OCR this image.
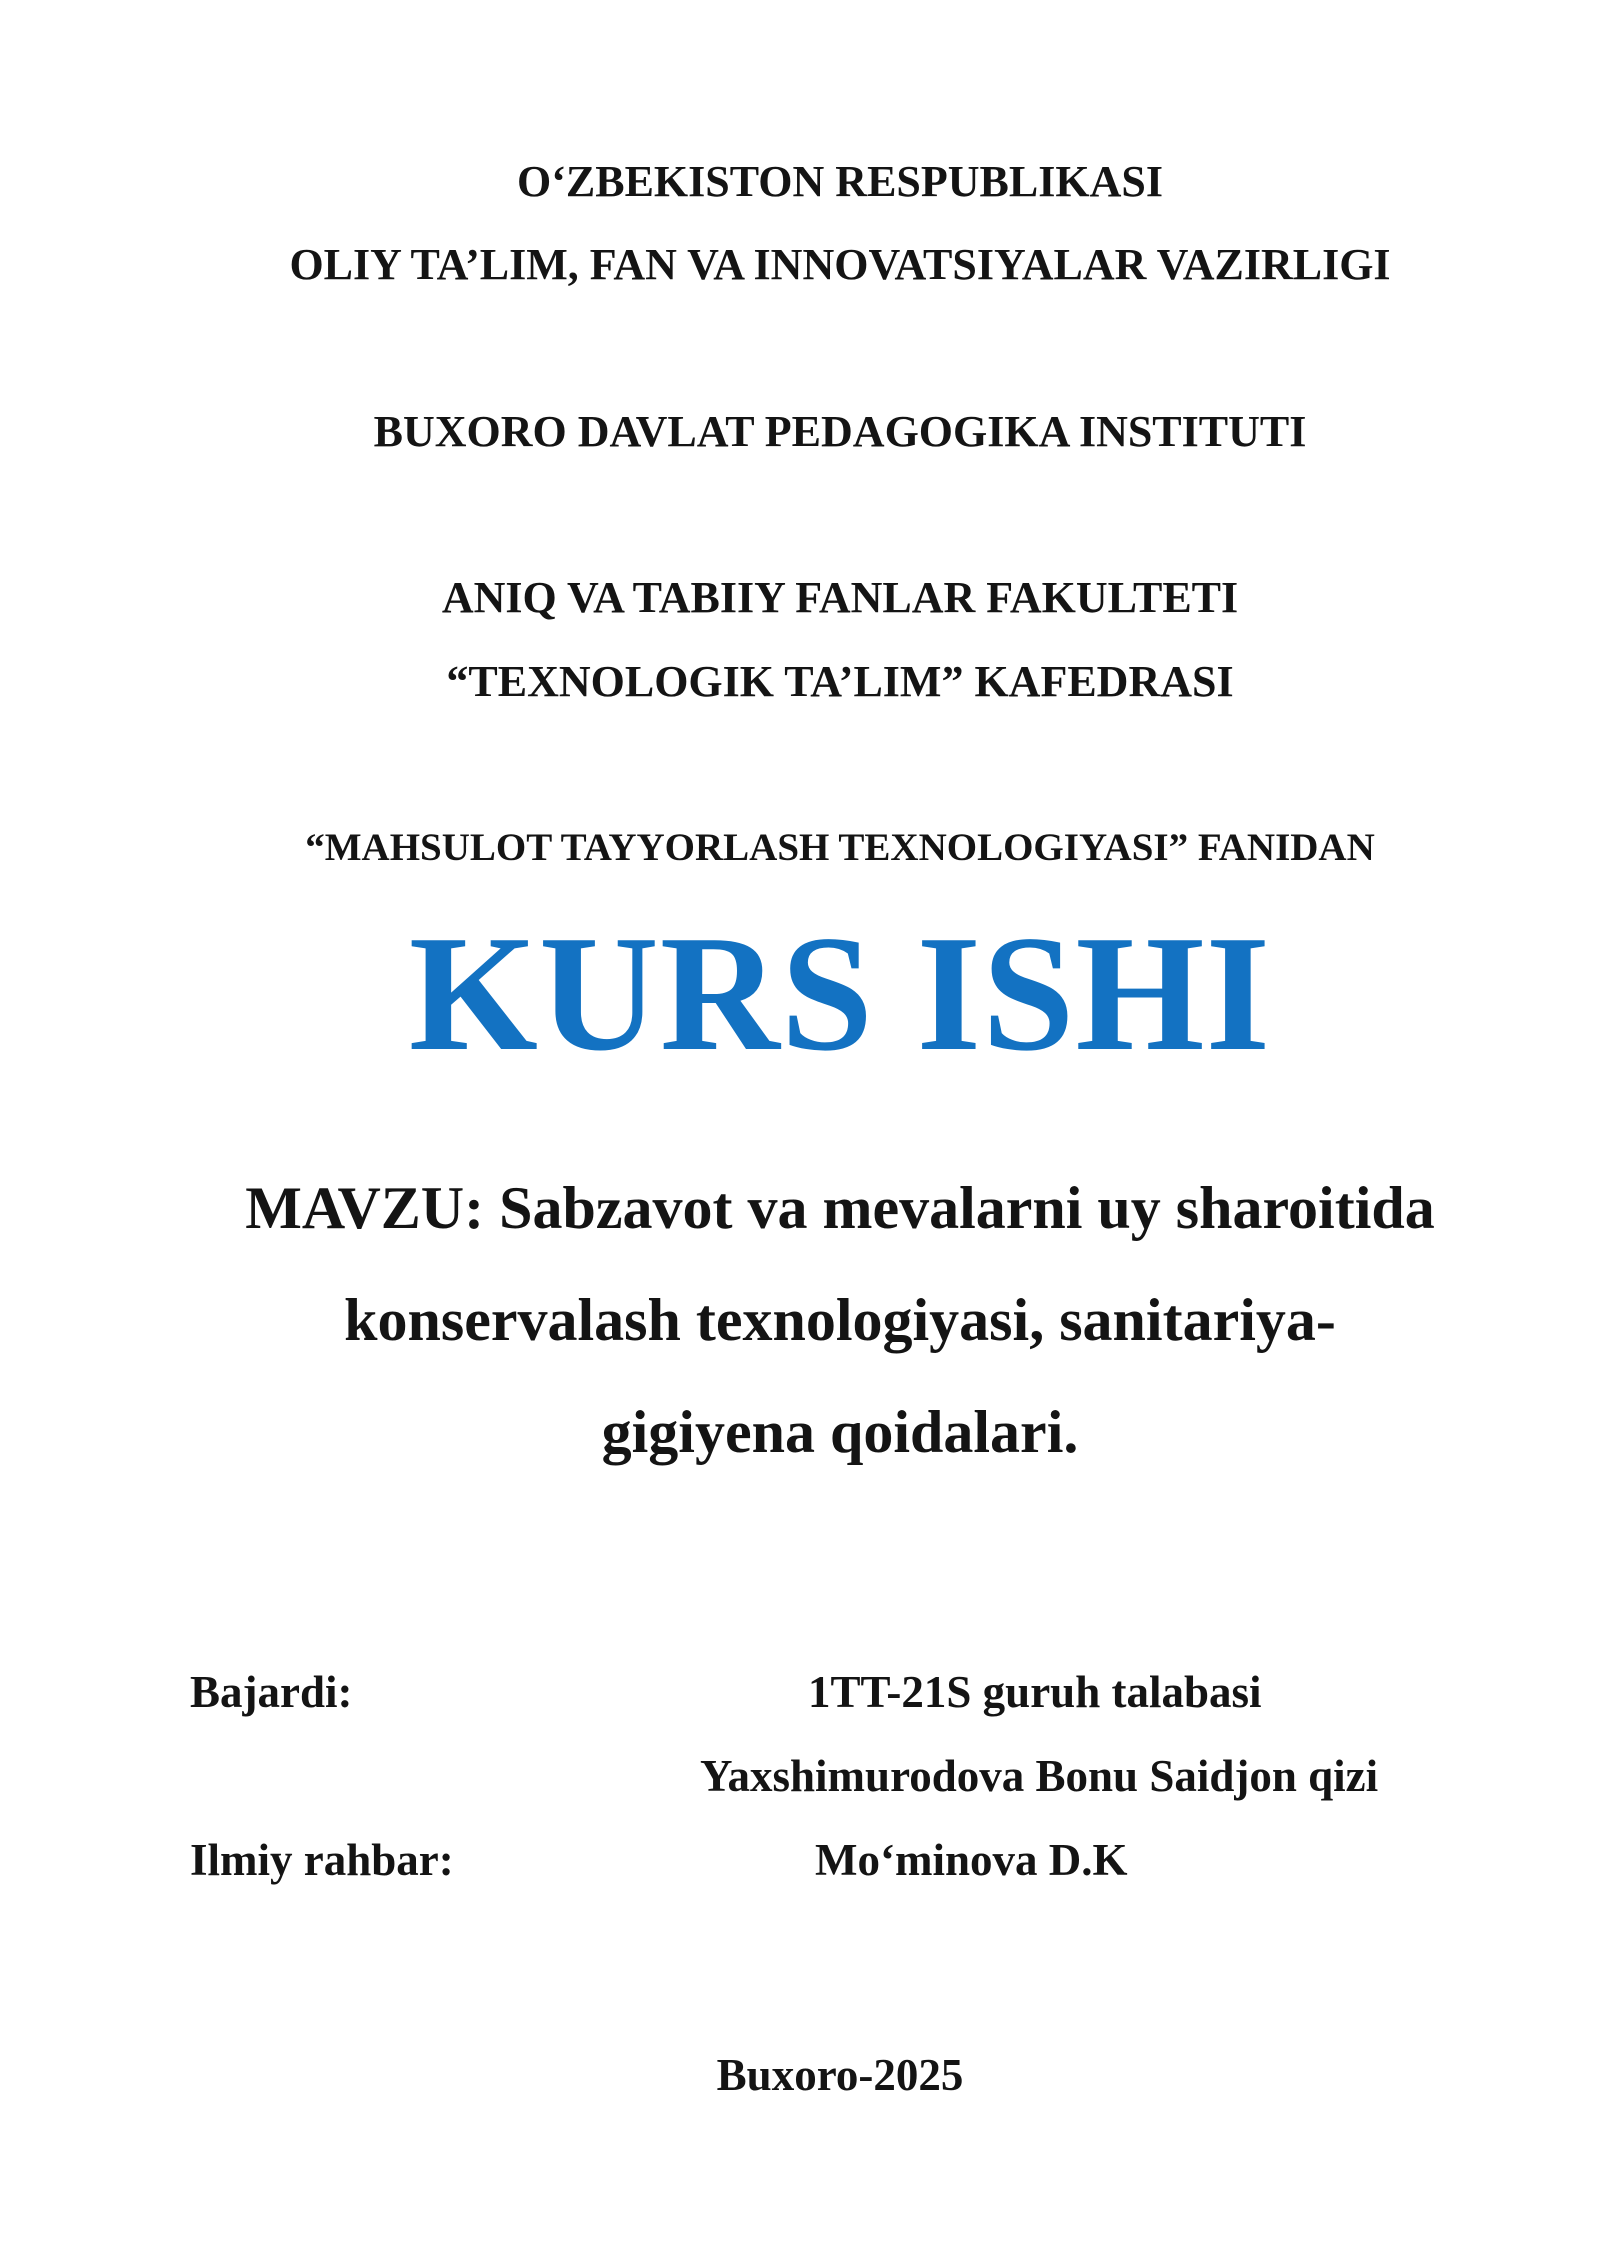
O‘ZBEKISTON RESPUBLIKASI
OLIY TA’LIM, FAN VA INNOVATSIYALAR VAZIRLIGI
BUXORO DAVLAT PEDAGOGIKA INSTITUTI
ANIQ VA TABIIY FANLAR FAKULTETI
“TEXNOLOGIK TA’LIM” KAFEDRASI
“MAHSULOT TAYYORLASH TEXNOLOGIYASI” FANIDAN
KURS ISHI
MAVZU: Sabzavot va mevalarni uy sharoitida
konservalash texnologiyasi, sanitariya-
gigiyena qoidalari.
Bajardi:	1TT-21S guruh talabasi
Yaxshimurodova Bonu Saidjon qizi
Ilmiy rahbar:	Mo‘minova D.K
Buxoro-2025
